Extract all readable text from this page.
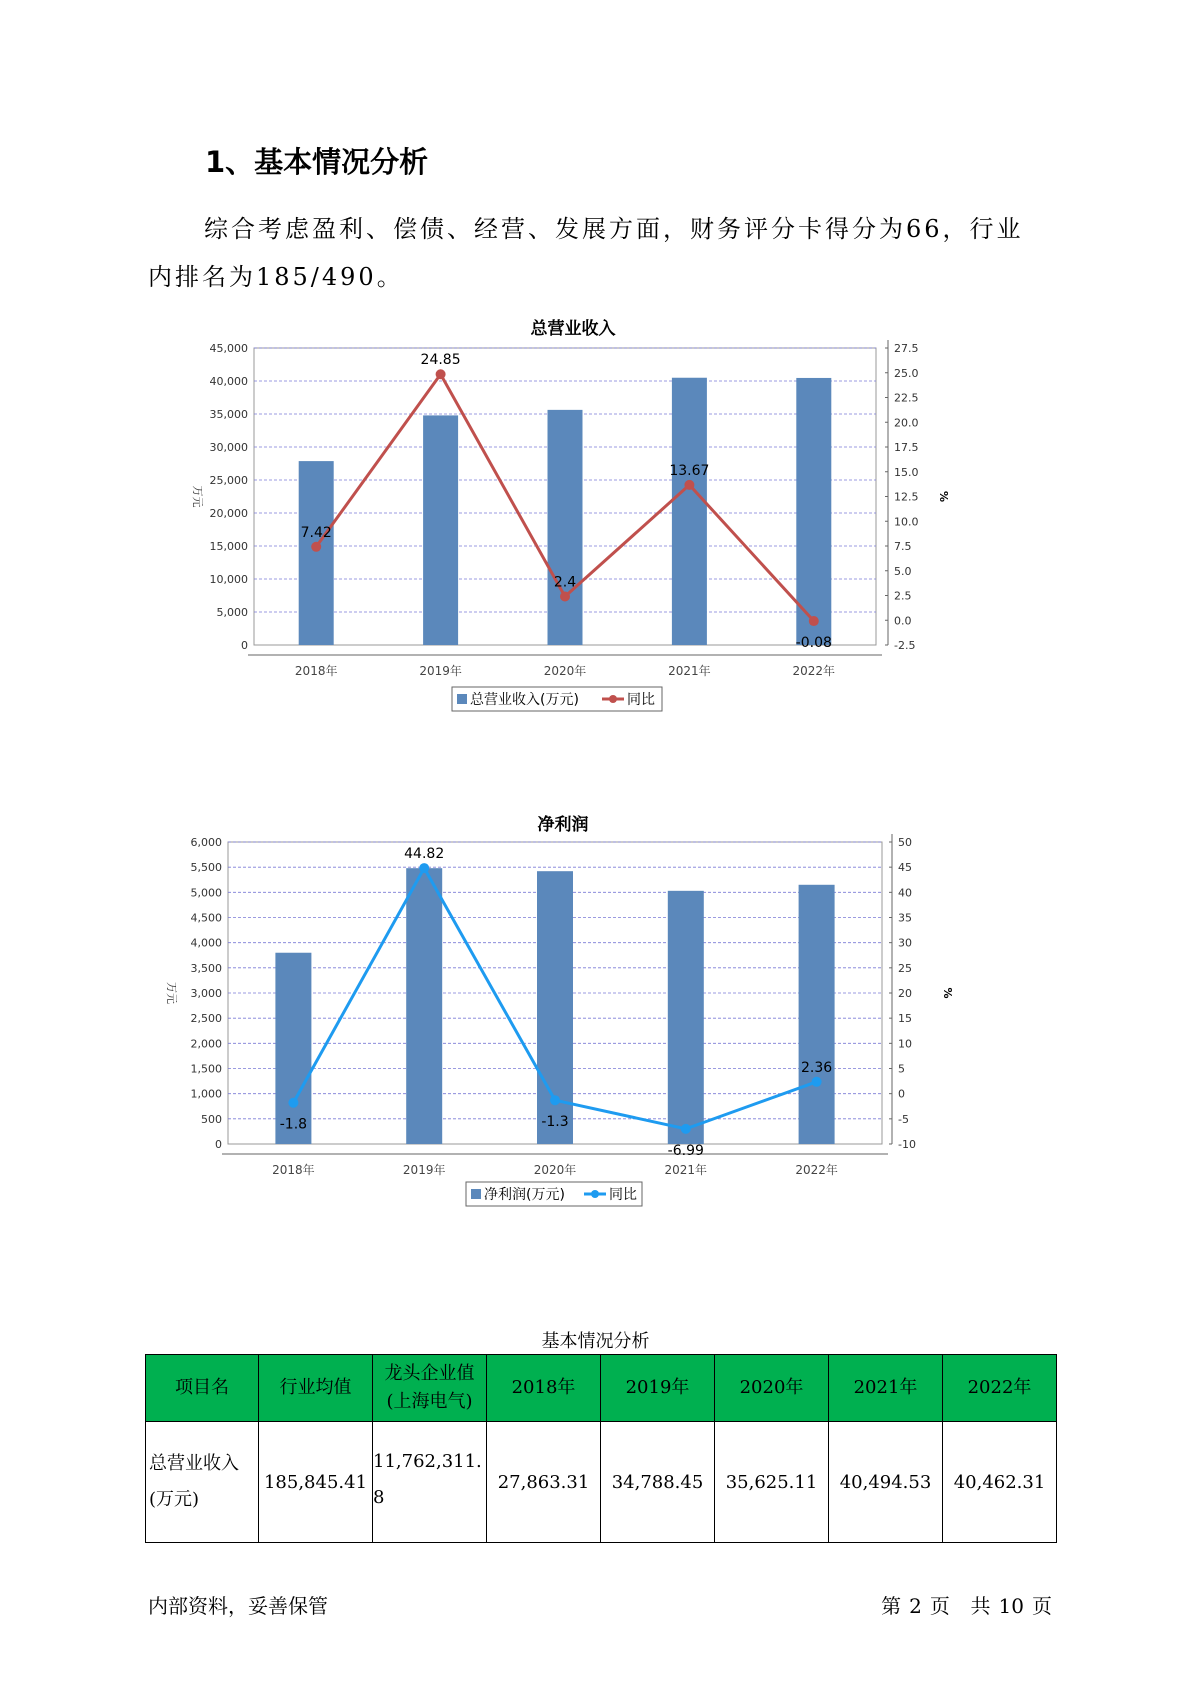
1、基本情况分析

综合考虑盈利、偿债、经营、发展方面，财务评分卡得分为66，行业内排名为185/490。

总营业收入
0
5,000
10,000
15,000
20,000
25,000
30,000
35,000
40,000
45,000
万元
-2.5
0.0
2.5
5.0
7.5
10.0
12.5
15.0
17.5
20.0
22.5
25.0
27.5
%
2018年	2019年	2020年	2021年	2022年
7.42
24.85
2.4
13.67
-0.08
总营业收入(万元)	同比
净利润
0
500
1,000
1,500
2,000
2,500
3,000
3,500
4,000
4,500
5,000
5,500
6,000
万元
-10
-5
0
5
10
15
20
25
30
35
40
45
50
%
2018年	2019年	2020年	2021年	2022年
-1.8
44.82
-1.3
-6.99
2.36
净利润(万元)	同比
基本情况分析
项目名	行业均值	龙头企业值(上海电气)	2018年	2019年	2020年	2021年	2022年
总营业收入(万元)	185,845.41	11,762,311.8	27,863.31	34,788.45	35,625.11	40,494.53	40,462.31
内部资料，妥善保管	第 2 页 共 10 页
